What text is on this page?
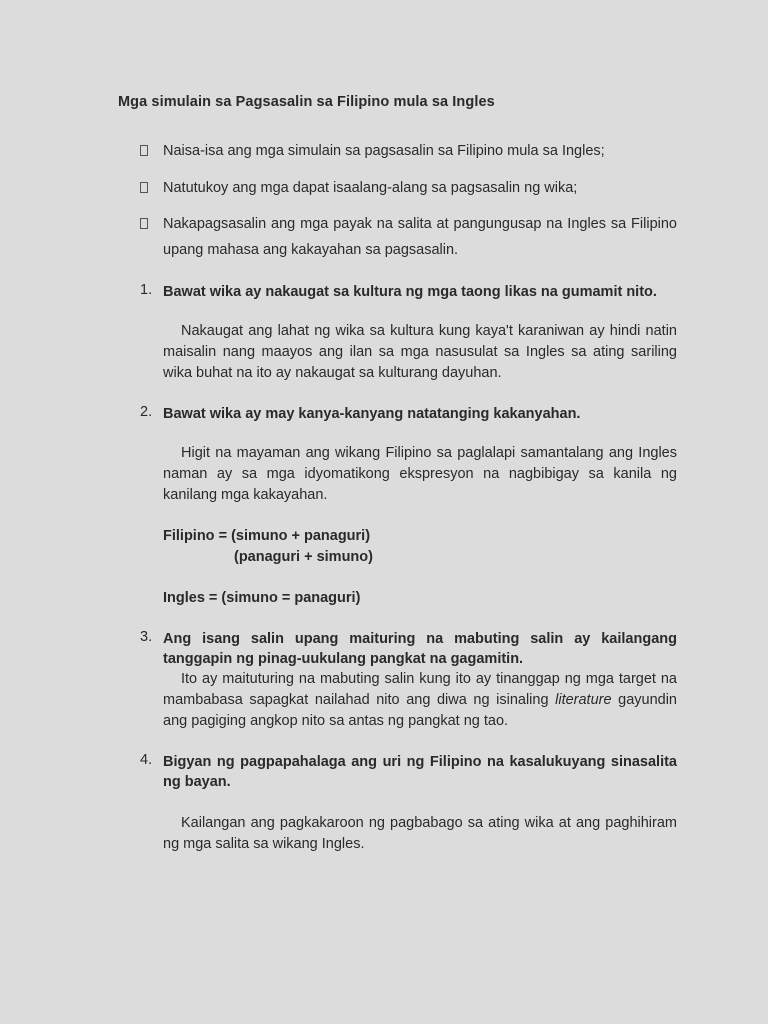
Mga simulain sa Pagsasalin sa Filipino mula sa Ingles
Naisa-isa ang mga simulain sa pagsasalin sa Filipino mula sa Ingles;
Natutukoy ang mga dapat isaalang-alang sa pagsasalin ng wika;
Nakapagsasalin ang mga payak na salita at pangungusap na Ingles sa Filipino upang mahasa ang kakayahan sa pagsasalin.
1. Bawat wika ay nakaugat sa kultura ng mga taong likas na gumamit nito.
Nakaugat ang lahat ng wika sa kultura kung kaya't karaniwan ay hindi natin maisalin nang maayos ang ilan sa mga nasusulat sa Ingles sa ating sariling wika buhat na ito ay nakaugat sa kulturang dayuhan.
2. Bawat wika ay may kanya-kanyang natatanging kakanyahan.
Higit na mayaman ang wikang Filipino sa paglalapi samantalang ang Ingles naman ay sa mga idyomatikong ekspresyon na nagbibigay sa kanila ng kanilang mga kakayahan.
Filipino = (simuno + panaguri)
(panaguri + simuno)
Ingles = (simuno = panaguri)
3. Ang isang salin upang maituring na mabuting salin ay kailangang tanggapin ng pinag-uukulang pangkat na gagamitin.
Ito ay maituturing na mabuting salin kung ito ay tinanggap ng mga target na mambabasa sapagkat nailahad nito ang diwa ng isinaling literature gayundin ang pagiging angkop nito sa antas ng pangkat ng tao.
4. Bigyan ng pagpapahalaga ang uri ng Filipino na kasalukuyang sinasalita ng bayan.
Kailangan ang pagkakaroon ng pagbabago sa ating wika at ang paghihiram ng mga salita sa wikang Ingles.
